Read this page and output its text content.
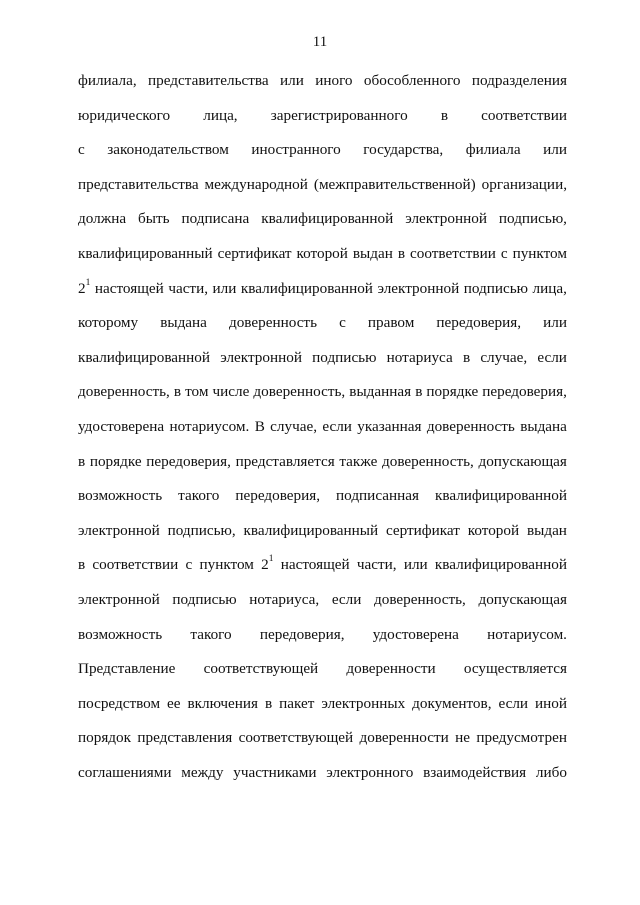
11
филиала, представительства или иного обособленного подразделения
юридического лица, зарегистрированного в соответствии
с законодательством иностранного государства, филиала или
представительства международной (межправительственной) организации,
должна быть подписана квалифицированной электронной подписью,
квалифицированный сертификат которой выдан в соответствии с пунктом
$2^1$ настоящей части, или квалифицированной электронной подписью лица,
которому выдана доверенность с правом передоверия, или
квалифицированной электронной подписью нотариуса в случае, если
доверенность, в том числе доверенность, выданная в порядке передоверия,
удостоверена нотариусом. В случае, если указанная доверенность выдана
в порядке передоверия, представляется также доверенность, допускающая
возможность такого передоверия, подписанная квалифицированной
электронной подписью, квалифицированный сертификат которой выдан
в соответствии с пунктом $2^1$ настоящей части, или квалифицированной
электронной подписью нотариуса, если доверенность, допускающая
возможность такого передоверия, удостоверена нотариусом.
Представление соответствующей доверенности осуществляется
посредством ее включения в пакет электронных документов, если иной
порядок представления соответствующей доверенности не предусмотрен
соглашениями между участниками электронного взаимодействия либо
